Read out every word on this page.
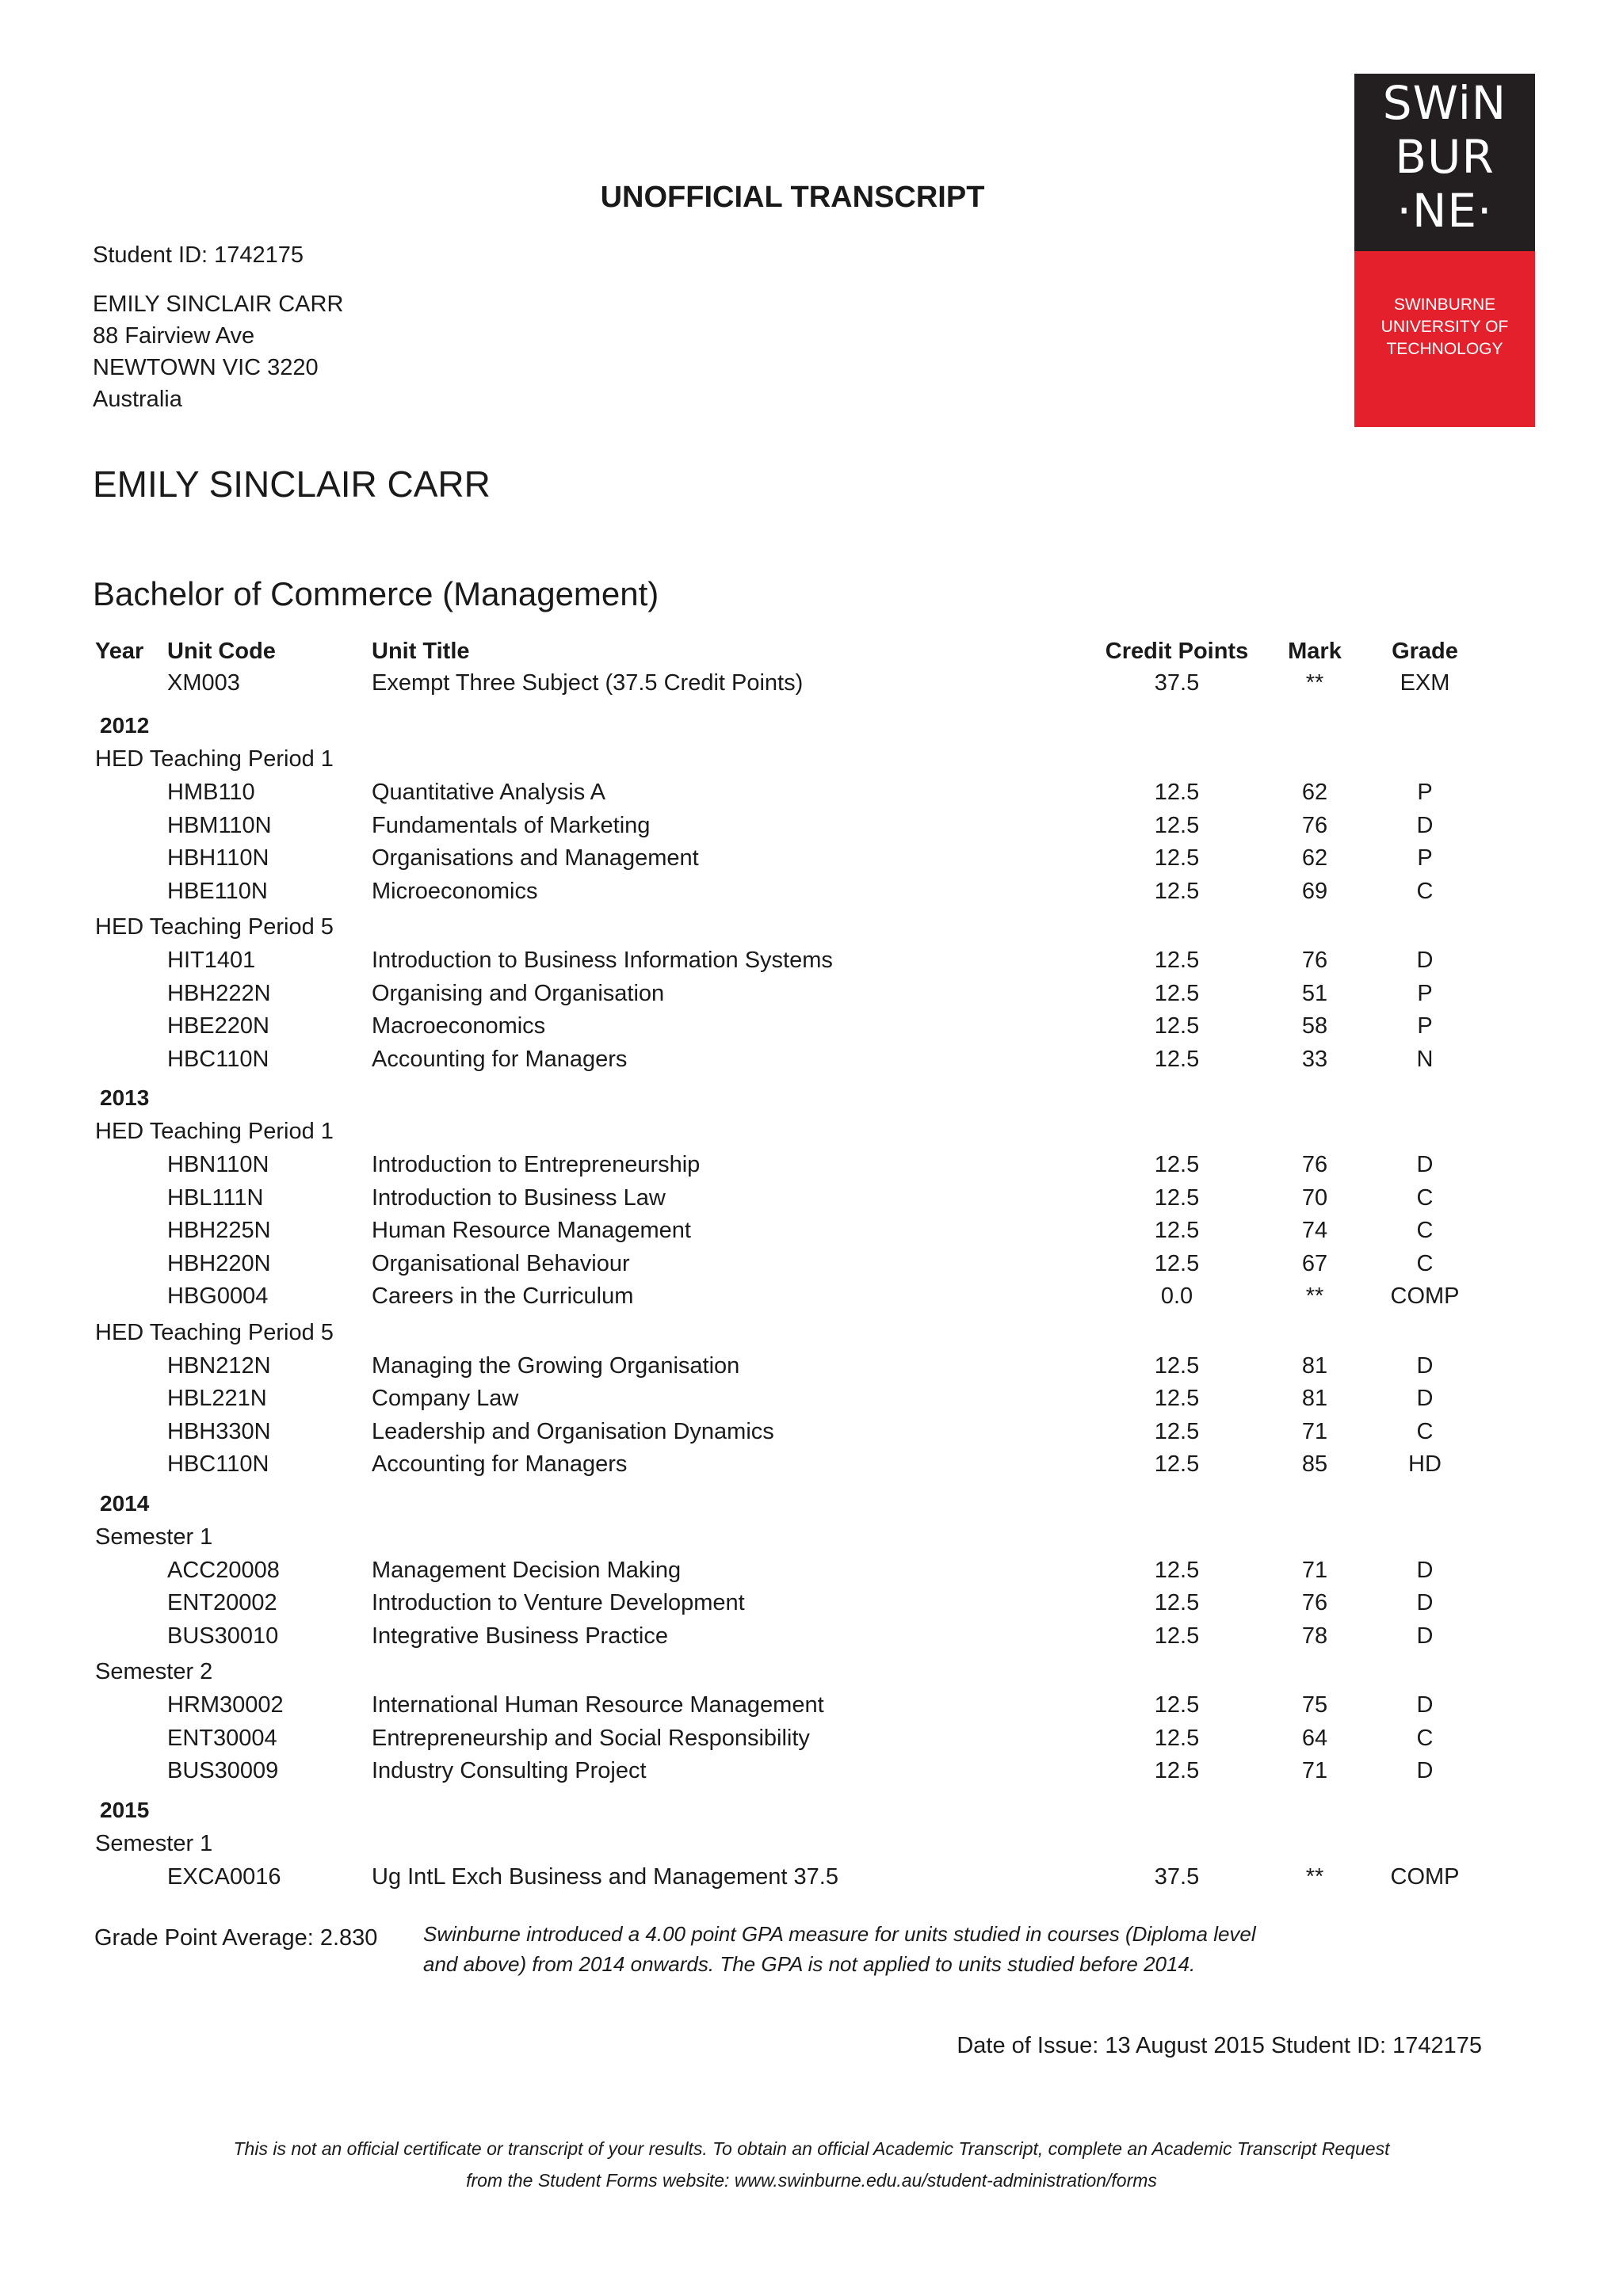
SWiN
BUR
·NE·
SWINBURNE
UNIVERSITY OF
TECHNOLOGY
UNOFFICIAL TRANSCRIPT
Student ID: 1742175
EMILY SINCLAIR CARR
88 Fairview Ave
NEWTOWN VIC 3220
Australia
EMILY SINCLAIR CARR
Bachelor of Commerce (Management)
Year Unit Code	Unit Title	Credit Points	Mark	Grade
XM003	Exempt Three Subject (37.5 Credit Points)	37.5	**	EXM
2012
HED Teaching Period 1
HMB110	Quantitative Analysis A	12.5	62	P
HBM110N	Fundamentals of Marketing	12.5	76	D
HBH110N	Organisations and Management	12.5	62	P
HBE110N	Microeconomics	12.5	69	C
HED Teaching Period 5
HIT1401	Introduction to Business Information Systems	12.5	76	D
HBH222N	Organising and Organisation	12.5	51	P
HBE220N	Macroeconomics	12.5	58	P
HBC110N	Accounting for Managers	12.5	33	N
2013
HED Teaching Period 1
HBN110N	Introduction to Entrepreneurship	12.5	76	D
HBL111N	Introduction to Business Law	12.5	70	C
HBH225N	Human Resource Management	12.5	74	C
HBH220N	Organisational Behaviour	12.5	67	C
HBG0004	Careers in the Curriculum	0.0	**	COMP
HED Teaching Period 5
HBN212N	Managing the Growing Organisation	12.5	81	D
HBL221N	Company Law	12.5	81	D
HBH330N	Leadership and Organisation Dynamics	12.5	71	C
HBC110N	Accounting for Managers	12.5	85	HD
2014
Semester 1
ACC20008	Management Decision Making	12.5	71	D
ENT20002	Introduction to Venture Development	12.5	76	D
BUS30010	Integrative Business Practice	12.5	78	D
Semester 2
HRM30002	International Human Resource Management	12.5	75	D
ENT30004	Entrepreneurship and Social Responsibility	12.5	64	C
BUS30009	Industry Consulting Project	12.5	71	D
2015
Semester 1
EXCA0016	Ug IntL Exch Business and Management 37.5	37.5	**	COMP
Grade Point Average: 2.830 Swinburne introduced a 4.00 point GPA measure for units studied in courses (Diploma level
and above) from 2014 onwards. The GPA is not applied to units studied before 2014.
Date of Issue: 13 August 2015 Student ID: 1742175
This is not an official certificate or transcript of your results. To obtain an official Academic Transcript, complete an Academic Transcript Request
from the Student Forms website: www.swinburne.edu.au/student-administration/forms
